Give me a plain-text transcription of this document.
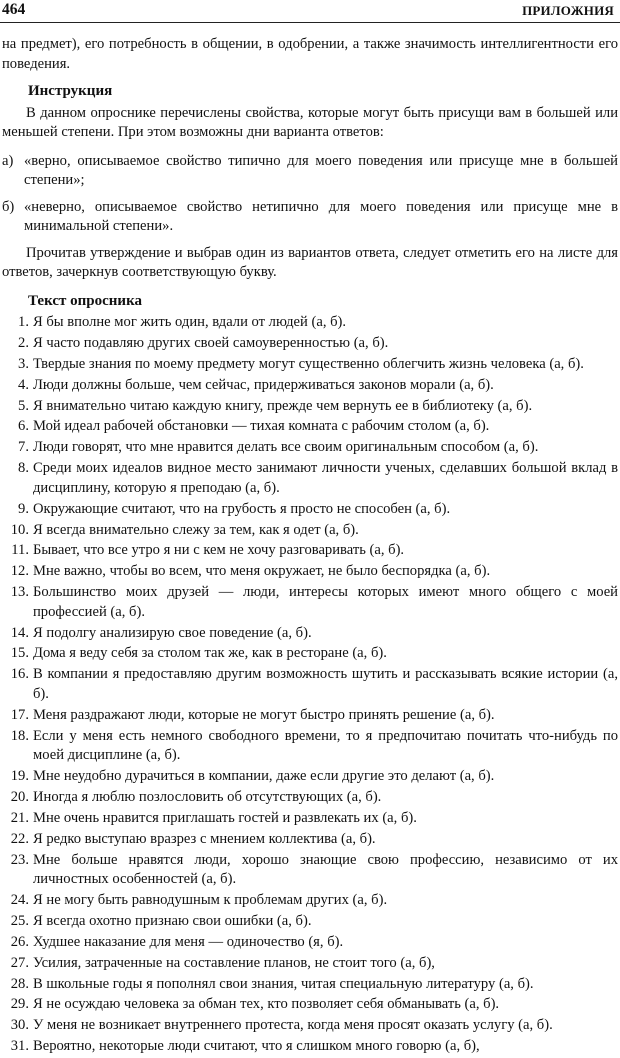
464	ПРИЛОЖНИЯ

на предмет), его потребность в общении, в одобрении, а также значимость интеллигентности его поведения.

Инструкция

В данном опроснике перечислены свойства, которые могут быть присущи вам в большей или меньшей степени. При этом возможны дни варианта ответов:

а) «верно, описываемое свойство типично для моего поведения или присуще мне в большей степени»;
б) «неверно, описываемое свойство нетипично для моего поведения или присуще мне в минимальной степени».

Прочитав утверждение и выбрав один из вариантов ответа, следует отметить его на листе для ответов, зачеркнув соответствующую букву.

Текст опросника

1. Я бы вполне мог жить один, вдали от людей (а, б).
2. Я часто подавляю других своей самоуверенностью (а, б).
3. Твердые знания по моему предмету могут существенно облегчить жизнь человека (а, б).
4. Люди должны больше, чем сейчас, придерживаться законов морали (а, б).
5. Я внимательно читаю каждую книгу, прежде чем вернуть ее в библиотеку (а, б).
6. Мой идеал рабочей обстановки — тихая комната с рабочим столом (а, б).
7. Люди говорят, что мне нравится делать все своим оригинальным способом (а, б).
8. Среди моих идеалов видное место занимают личности ученых, сделавших большой вклад в дисциплину, которую я преподаю (а, б).
9. Окружающие считают, что на грубость я просто не способен (а, б).
10. Я всегда внимательно слежу за тем, как я одет (а, б).
11. Бывает, что все утро я ни с кем не хочу разговаривать (а, б).
12. Мне важно, чтобы во всем, что меня окружает, не было беспорядка (а, б).
13. Большинство моих друзей — люди, интересы которых имеют много общего с моей профессией (а, б).
14. Я подолгу анализирую свое поведение (а, б).
15. Дома я веду себя за столом так же, как в ресторане (а, б).
16. В компании я предоставляю другим возможность шутить и рассказывать всякие истории (а, б).
17. Меня раздражают люди, которые не могут быстро принять решение (а, б).
18. Если у меня есть немного свободного времени, то я предпочитаю почитать что-нибудь по моей дисциплине (а, б).
19. Мне неудобно дурачиться в компании, даже если другие это делают (а, б).
20. Иногда я люблю позлословить об отсутствующих (а, б).
21. Мне очень нравится приглашать гостей и развлекать их (а, б).
22. Я редко выступаю вразрез с мнением коллектива (а, б).
23. Мне больше нравятся люди, хорошо знающие свою профессию, независимо от их личностных особенностей (а, б).
24. Я не могу быть равнодушным к проблемам других (а, б).
25. Я всегда охотно признаю свои ошибки (а, б).
26. Худшее наказание для меня — одиночество (я, б).
27. Усилия, затраченные на составление планов, не стоит того (а, б),
28. В школьные годы я пополнял свои знания, читая специальную литературу (а, б).
29. Я не осуждаю человека за обман тех, кто позволяет себя обманывать (а, б).
30. У меня не возникает внутреннего протеста, когда меня просят оказать услугу (а, б).
31. Вероятно, некоторые люди считают, что я слишком много говорю (а, б),
